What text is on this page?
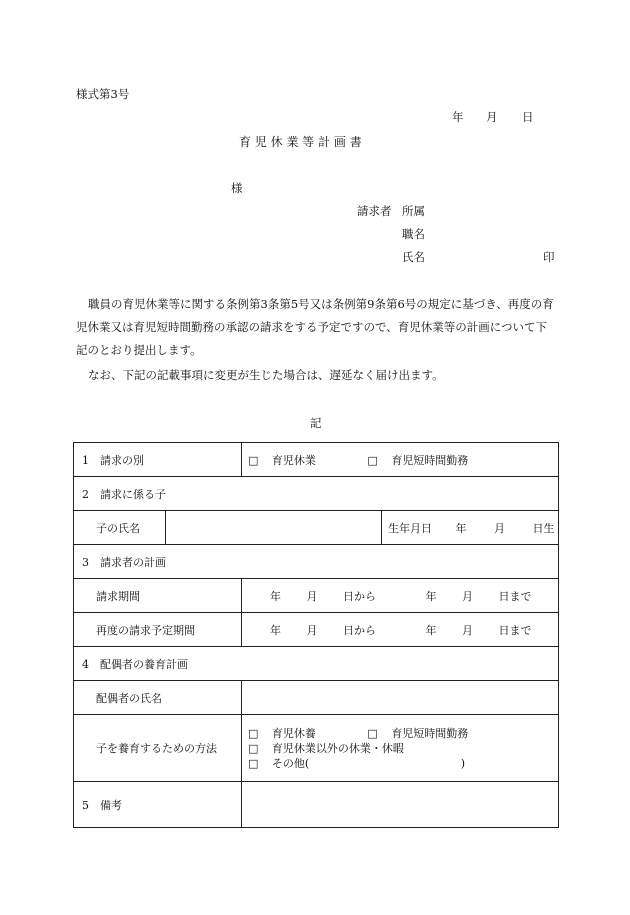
様式第3号
年 月 日
育 児 休 業 等 計 画 書
様
請求者 所属
職名
氏名	印
職員の育児休業等に関する条例第3条第5号又は条例第9条第6号の規定に基づき、再度の育児休業又は育児短時間勤務の承認の請求をする予定ですので、育児休業等の計画について下記のとおり提出します。
なお、下記の記載事項に変更が生じた場合は、遅延なく届け出ます。
記
1　請求の別		□ 育児休業 □ 育児短時間勤務	
2　請求に係る子			
子の氏名			生年月日 年 月 日生
3　請求者の計画			
請求期間		年 月 日から 年 月 日まで	
再度の請求予定期間		年 月 日から 年 月 日まで	
4　配偶者の養育計画			
配偶者の氏名			
子を養育するための方法		□ 育児休養 □ 育児短時間勤務
□ 育児休業以外の休業・休暇
□ その他( )	

5　備考			
